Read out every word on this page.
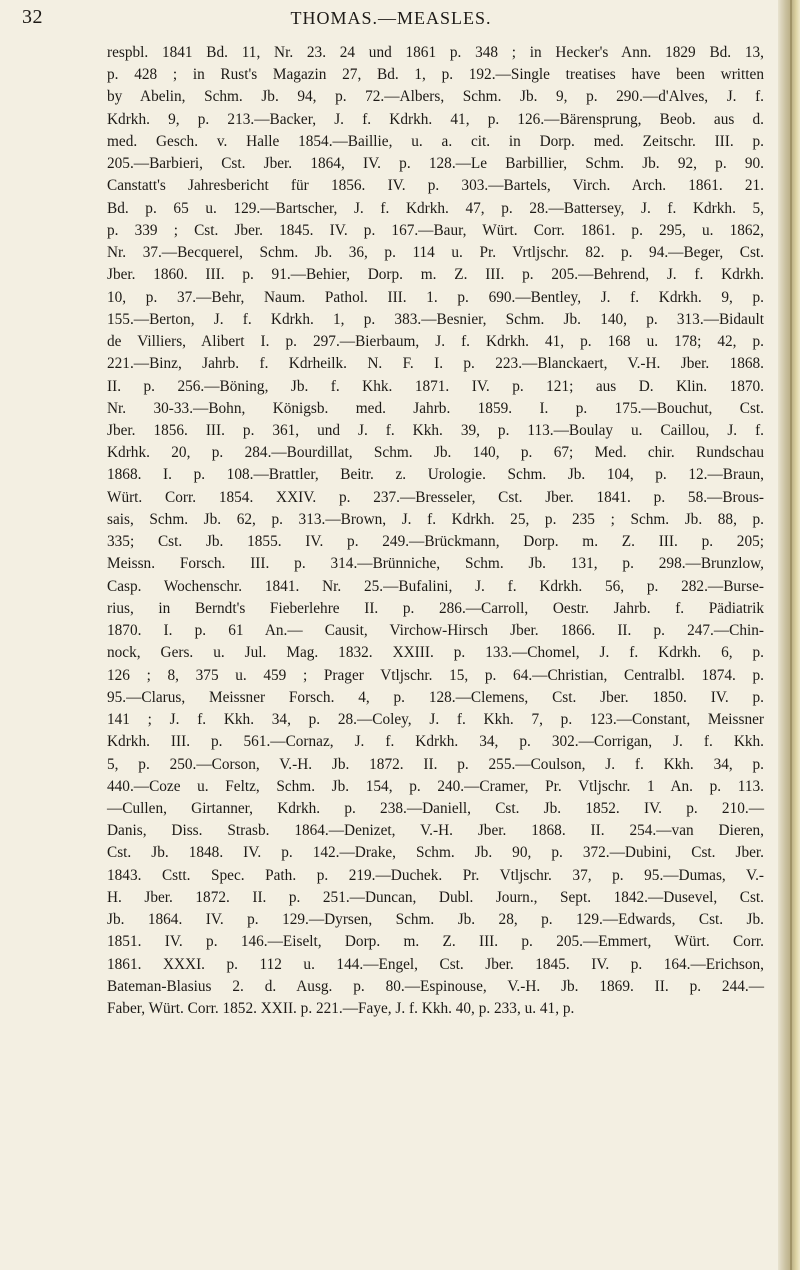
32	THOMAS.—MEASLES.
respbl. 1841 Bd. 11, Nr. 23. 24 und 1861 p. 348 ; in Hecker's Ann. 1829 Bd. 13,
p. 428 ; in Rust's Magazin 27, Bd. 1, p. 192.—Single treatises have been written
by Abelin, Schm. Jb. 94, p. 72.—Albers, Schm. Jb. 9, p. 290.—d'Alves, J. f.
Kdrkh. 9, p. 213.—Backer, J. f. Kdrkh. 41, p. 126.—Bärensprung, Beob. aus d.
med. Gesch. v. Halle 1854.—Baillie, u. a. cit. in Dorp. med. Zeitschr. III. p.
205.—Barbieri, Cst. Jber. 1864, IV. p. 128.—Le Barbillier, Schm. Jb. 92, p. 90.
Canstatt's Jahresbericht für 1856. IV. p. 303.—Bartels, Virch. Arch. 1861. 21.
Bd. p. 65 u. 129.—Bartscher, J. f. Kdrkh. 47, p. 28.—Battersey, J. f. Kdrkh. 5,
p. 339 ; Cst. Jber. 1845. IV. p. 167.—Baur, Würt. Corr. 1861. p. 295, u. 1862,
Nr. 37.—Becquerel, Schm. Jb. 36, p. 114 u. Pr. Vrtljschr. 82. p. 94.—Beger, Cst.
Jber. 1860. III. p. 91.—Behier, Dorp. m. Z. III. p. 205.—Behrend, J. f. Kdrkh.
10, p. 37.—Behr, Naum. Pathol. III. 1. p. 690.—Bentley, J. f. Kdrkh. 9, p.
155.—Berton, J. f. Kdrkh. 1, p. 383.—Besnier, Schm. Jb. 140, p. 313.—Bidault
de Villiers, Alibert I. p. 297.—Bierbaum, J. f. Kdrkh. 41, p. 168 u. 178; 42, p.
221.—Binz, Jahrb. f. Kdrheilk. N. F. I. p. 223.—Blanckaert, V.-H. Jber. 1868.
II. p. 256.—Böning, Jb. f. Khk. 1871. IV. p. 121; aus D. Klin. 1870.
Nr. 30-33.—Bohn, Königsb. med. Jahrb. 1859. I. p. 175.—Bouchut, Cst.
Jber. 1856. III. p. 361, und J. f. Kkh. 39, p. 113.—Boulay u. Caillou, J. f.
Kdrhk. 20, p. 284.—Bourdillat, Schm. Jb. 140, p. 67; Med. chir. Rundschau
1868. I. p. 108.—Brattler, Beitr. z. Urologie. Schm. Jb. 104, p. 12.—Braun,
Würt. Corr. 1854. XXIV. p. 237.—Bresseler, Cst. Jber. 1841. p. 58.—Brous-
sais, Schm. Jb. 62, p. 313.—Brown, J. f. Kdrkh. 25, p. 235 ; Schm. Jb. 88, p.
335; Cst. Jb. 1855. IV. p. 249.—Brückmann, Dorp. m. Z. III. p. 205;
Meissn. Forsch. III. p. 314.—Brünniche, Schm. Jb. 131, p. 298.—Brunzlow,
Casp. Wochenschr. 1841. Nr. 25.—Bufalini, J. f. Kdrkh. 56, p. 282.—Burse-
rius, in Berndt's Fieberlehre II. p. 286.—Carroll, Oestr. Jahrb. f. Pädiatrik
1870. I. p. 61 An.— Causit, Virchow-Hirsch Jber. 1866. II. p. 247.—Chin-
nock, Gers. u. Jul. Mag. 1832. XXIII. p. 133.—Chomel, J. f. Kdrkh. 6, p.
126 ; 8, 375 u. 459 ; Prager Vtljschr. 15, p. 64.—Christian, Centralbl. 1874. p.
95.—Clarus, Meissner Forsch. 4, p. 128.—Clemens, Cst. Jber. 1850. IV. p.
141 ; J. f. Kkh. 34, p. 28.—Coley, J. f. Kkh. 7, p. 123.—Constant, Meissner
Kdrkh. III. p. 561.—Cornaz, J. f. Kdrkh. 34, p. 302.—Corrigan, J. f. Kkh.
5, p. 250.—Corson, V.-H. Jb. 1872. II. p. 255.—Coulson, J. f. Kkh. 34, p.
440.—Coze u. Feltz, Schm. Jb. 154, p. 240.—Cramer, Pr. Vtljschr. 1 An. p. 113.
—Cullen, Girtanner, Kdrkh. p. 238.—Daniell, Cst. Jb. 1852. IV. p. 210.—
Danis, Diss. Strasb. 1864.—Denizet, V.-H. Jber. 1868. II. 254.—van Dieren,
Cst. Jb. 1848. IV. p. 142.—Drake, Schm. Jb. 90, p. 372.—Dubini, Cst. Jber.
1843. Cstt. Spec. Path. p. 219.—Duchek. Pr. Vtljschr. 37, p. 95.—Dumas, V.-
H. Jber. 1872. II. p. 251.—Duncan, Dubl. Journ., Sept. 1842.—Dusevel, Cst.
Jb. 1864. IV. p. 129.—Dyrsen, Schm. Jb. 28, p. 129.—Edwards, Cst. Jb.
1851. IV. p. 146.—Eiselt, Dorp. m. Z. III. p. 205.—Emmert, Würt. Corr.
1861. XXXI. p. 112 u. 144.—Engel, Cst. Jber. 1845. IV. p. 164.—Erichson,
Bateman-Blasius 2. d. Ausg. p. 80.—Espinouse, V.-H. Jb. 1869. II. p. 244.—
Faber, Würt. Corr. 1852. XXII. p. 221.—Faye, J. f. Kkh. 40, p. 233, u. 41, p.
